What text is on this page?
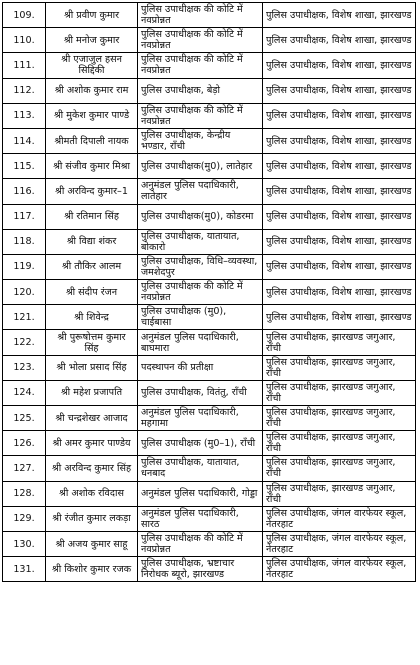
109.	श्री प्रवीण कुमार	पुलिस उपाधीक्षक की कोटि में नवप्रोन्नत	पुलिस उपाधीक्षक, विशेष शाखा, झारखण्ड
110.	श्री मनोज कुमार	पुलिस उपाधीक्षक की कोटि में नवप्रोन्नत	पुलिस उपाधीक्षक, विशेष शाखा, झारखण्ड
111.	श्री एजाजुल हसन सिद्दिकी	पुलिस उपाधीक्षक की कोटि में नवप्रोन्नत	पुलिस उपाधीक्षक, विशेष शाखा, झारखण्ड
112.	श्री अशोक कुमार राम	पुलिस उपाधीक्षक, बेड़ो	पुलिस उपाधीक्षक, विशेष शाखा, झारखण्ड
113.	श्री मुकेश कुमार पाण्डे	पुलिस उपाधीक्षक की कोटि में नवप्रोन्नत	पुलिस उपाधीक्षक, विशेष शाखा, झारखण्ड
114.	श्रीमती दिपाली नायक	पुलिस उपाधीक्षक, केन्द्रीय भण्डार, राँची	पुलिस उपाधीक्षक, विशेष शाखा, झारखण्ड
115.	श्री संजीव कुमार मिश्रा	पुलिस उपाधीक्षक(मु0), लातेहार	पुलिस उपाधीक्षक, विशेष शाखा, झारखण्ड
116.	श्री अरविन्द कुमार–1	अनुमंडल पुलिस पदाधिकारी, लातेहार	पुलिस उपाधीक्षक, विशेष शाखा, झारखण्ड
117.	श्री रतिमान सिंह	पुलिस उपाधीक्षक(मु0), कोडरमा	पुलिस उपाधीक्षक, विशेष शाखा, झारखण्ड
118.	श्री विद्या शंकर	पुलिस उपाधीक्षक, यातायात, बोकारो	पुलिस उपाधीक्षक, विशेष शाखा, झारखण्ड
119.	श्री तौकिर आलम	पुलिस उपाधीक्षक, विधि–व्यवस्था, जमशेदपुर	पुलिस उपाधीक्षक, विशेष शाखा, झारखण्ड
120.	श्री संदीप रंजन	पुलिस उपाधीक्षक की कोटि में नवप्रोन्नत	पुलिस उपाधीक्षक, विशेष शाखा, झारखण्ड
121.	श्री शिवेन्द्र	पुलिस उपाधीक्षक (मु0), चाईबासा	पुलिस उपाधीक्षक, विशेष शाखा, झारखण्ड
122.	श्री पुरूषोत्तम कुमार सिंह	अनुमंडल पुलिस पदाधिकारी, बाघमारा	पुलिस उपाधीक्षक, झारखण्ड जगुआर, राँची
123.	श्री भोला प्रसाद सिंह	पदस्थापन की प्रतीक्षा	पुलिस उपाधीक्षक, झारखण्ड जगुआर, राँची
124.	श्री महेश प्रजापति	पुलिस उपाधीक्षक, वितंतु, राँची	पुलिस उपाधीक्षक, झारखण्ड जगुआर, राँची
125.	श्री चन्द्रशेखर आजाद	अनुमंडल पुलिस पदाधिकारी, महगामा	पुलिस उपाधीक्षक, झारखण्ड जगुआर, राँची
126.	श्री अमर कुमार पाण्डेय	पुलिस उपाधीक्षक (मु0–1), राँची	पुलिस उपाधीक्षक, झारखण्ड जगुआर, राँची
127.	श्री अरविन्द कुमार सिंह	पुलिस उपाधीक्षक, यातायात, धनबाद	पुलिस उपाधीक्षक, झारखण्ड जगुआर, राँची
128.	श्री अशोक रविदास	अनुमंडल पुलिस पदाधिकारी, गोड्डा	पुलिस उपाधीक्षक, झारखण्ड जगुआर, राँची
129.	श्री रंजीत कुमार लकड़ा	अनुमंडल पुलिस पदाधिकारी, सारठ	पुलिस उपाधीक्षक, जंगल वारफेयर स्कूल, नेतरहाट
130.	श्री अजय कुमार साहू	पुलिस उपाधीक्षक की कोटि में नवप्रोन्नत	पुलिस उपाधीक्षक, जंगल वारफेयर स्कूल, नेतरहाट
131.	श्री किशोर कुमार रजक	पुलिस उपाधीक्षक, भ्रष्टाचार निरोधक ब्यूरो, झारखण्ड	पुलिस उपाधीक्षक, जंगल वारफेयर स्कूल, नेतरहाट
